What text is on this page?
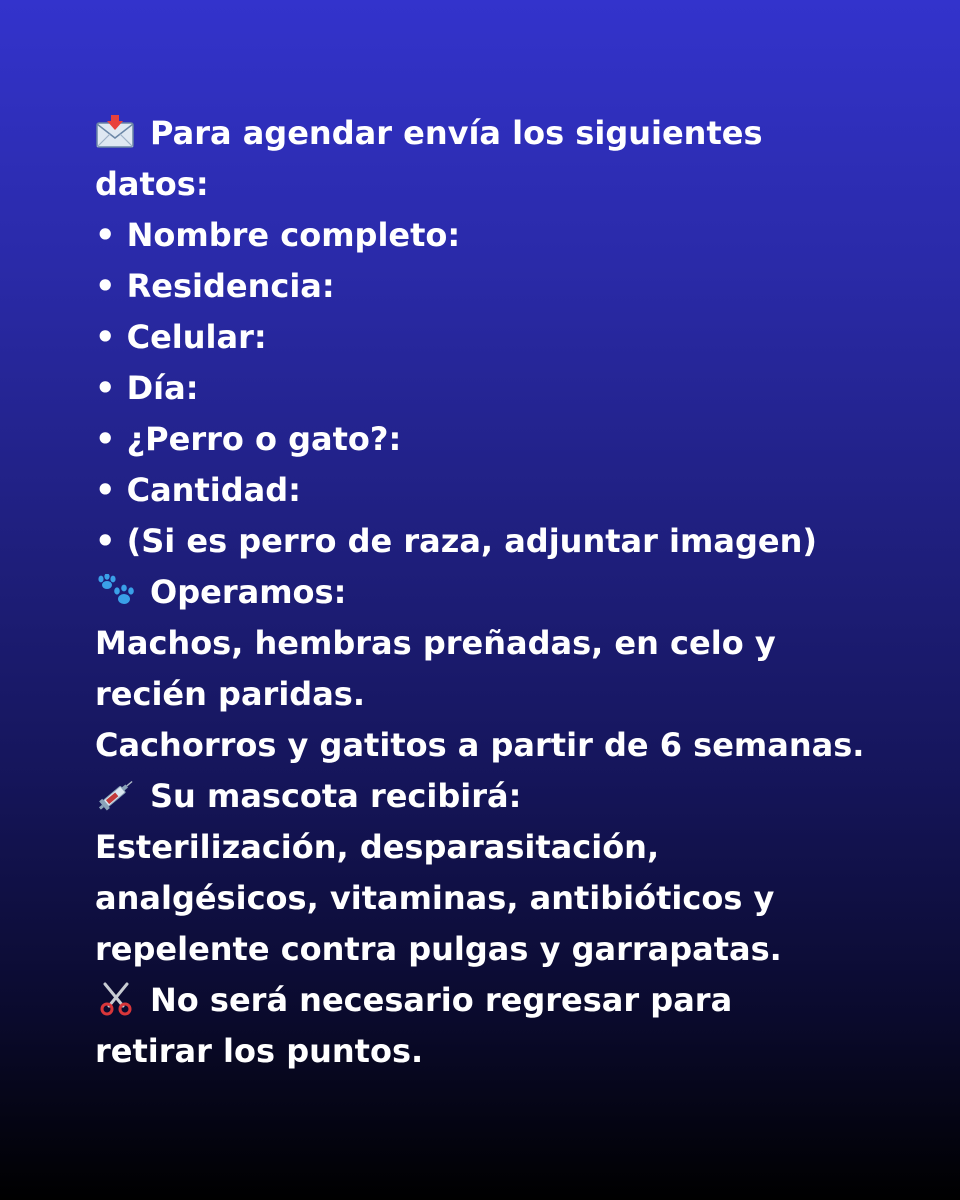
Para agendar envía los siguientes
datos:
• Nombre completo:
• Residencia:
• Celular:
• Día:
• ¿Perro o gato?:
• Cantidad:
• (Si es perro de raza, adjuntar imagen)
Operamos:
Machos, hembras preñadas, en celo y
recién paridas.
Cachorros y gatitos a partir de 6 semanas.
Su mascota recibirá:
Esterilización, desparasitación,
analgésicos, vitaminas, antibióticos y
repelente contra pulgas y garrapatas.
No será necesario regresar para
retirar los puntos.
